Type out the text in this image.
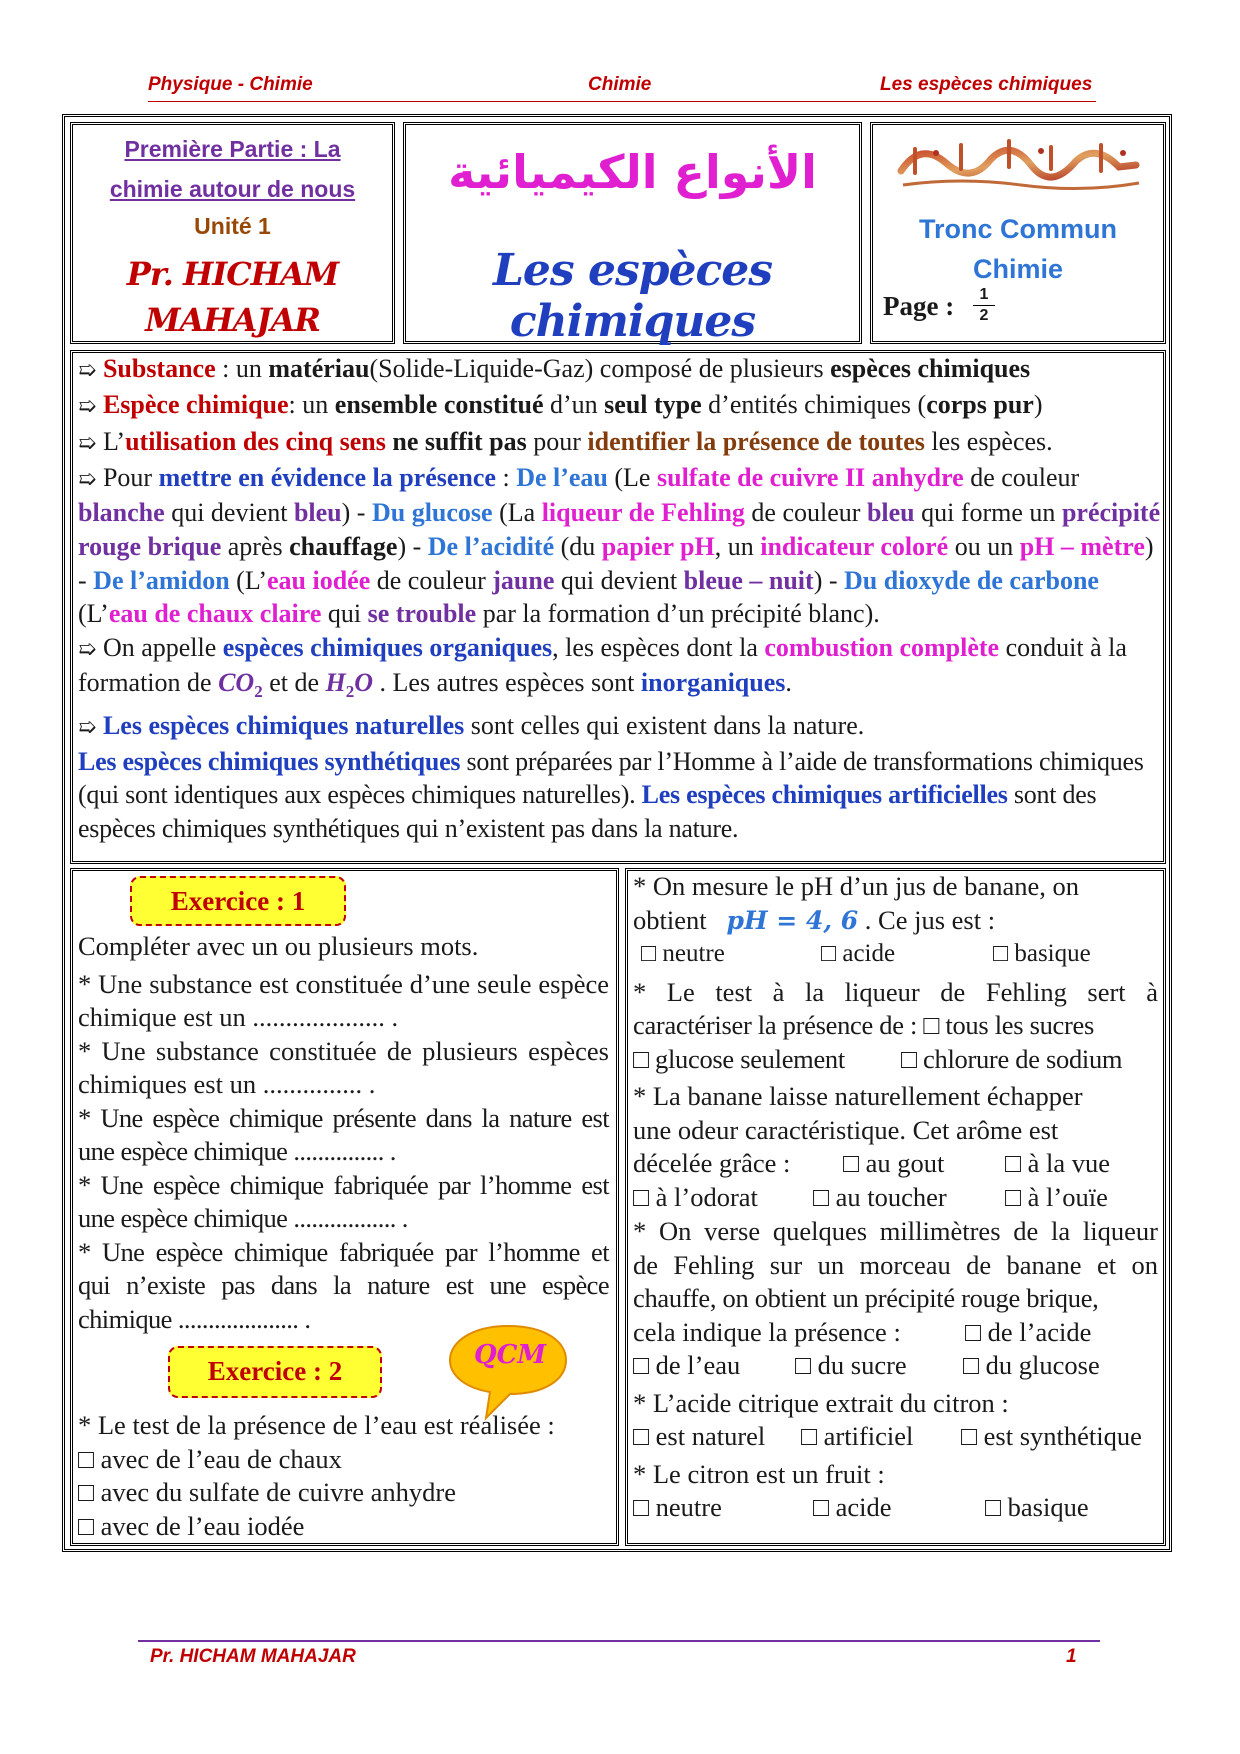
Physique - Chimie	Chimie	Les espèces chimiques
Première Partie : La
chimie autour de nous
Unité 1
Pr. HICHAM
MAHAJAR
الأنواع الكيميائية
Les espèces chimiques
Tronc Commun
Chimie
Page : $\frac{1}{2}$

➯ Substance : un matériau(Solide-Liquide-Gaz) composé de plusieurs espèces chimiques

➯ Espèce chimique: un ensemble constitué d’un seul type d’entités chimiques (corps pur)

➯ L’utilisation des cinq sens ne suffit pas pour identifier la présence de toutes les espèces.

➯ Pour mettre en évidence la présence : De l’eau (Le sulfate de cuivre II anhydre de couleur blanche qui devient bleu) - Du glucose (La liqueur de Fehling de couleur bleu qui forme un précipité rouge brique après chauffage) - De l’acidité (du papier pH, un indicateur coloré ou un pH – mètre) - De l’amidon (L’eau iodée de couleur jaune qui devient bleue – nuit) - Du dioxyde de carbone (L’eau de chaux claire qui se trouble par la formation d’un précipité blanc).

➯ On appelle espèces chimiques organiques, les espèces dont la combustion complète conduit à la formation de $CO_2$ et de $H_2O$ . Les autres espèces sont inorganiques.

➯ Les espèces chimiques naturelles sont celles qui existent dans la nature.

Les espèces chimiques synthétiques sont préparées par l’Homme à l’aide de transformations chimiques (qui sont identiques aux espèces chimiques naturelles). Les espèces chimiques artificielles sont des espèces chimiques synthétiques qui n’existent pas dans la nature.

Exercice : 1

Compléter avec un ou plusieurs mots.

* Une substance est constituée d’une seule espèce chimique est un .................... .

* Une substance constituée de plusieurs espèces chimiques est un ............... .

* Une espèce chimique présente dans la nature est une espèce chimique ............... .

* Une espèce chimique fabriquée par l’homme est une espèce chimique ................. .

* Une espèce chimique fabriquée par l’homme et qui n’existe pas dans la nature est une espèce chimique .................... .

Exercice : 2
QCM

* Le test de la présence de l’eau est réalisée :

□ avec de l’eau de chaux

□ avec du sulfate de cuivre anhydre

□ avec de l’eau iodée

* On mesure le pH d’un jus de banane, on

obtient pH = 4, 6 . Ce jus est :

□ neutre	□ acide	□ basique

* Le test à la liqueur de Fehling sert à

caractériser la présence de : □ tous les sucres

□ glucose seulement □ chlorure de sodium

* La banane laisse naturellement échapper

une odeur caractéristique. Cet arôme est

décelée grâce : □ au gout □ à la vue

□ à l’odorat □ au toucher □ à l’ouïe

* On verse quelques millimètres de la liqueur

de Fehling sur un morceau de banane et on

chauffe, on obtient un précipité rouge brique,

cela indique la présence : □ de l’acide

□ de l’eau □ du sucre □ du glucose

* L’acide citrique extrait du citron :

□ est naturel □ artificiel □ est synthétique

* Le citron est un fruit :

□ neutre	□ acide	□ basique

Pr. HICHAM MAHAJAR	1
